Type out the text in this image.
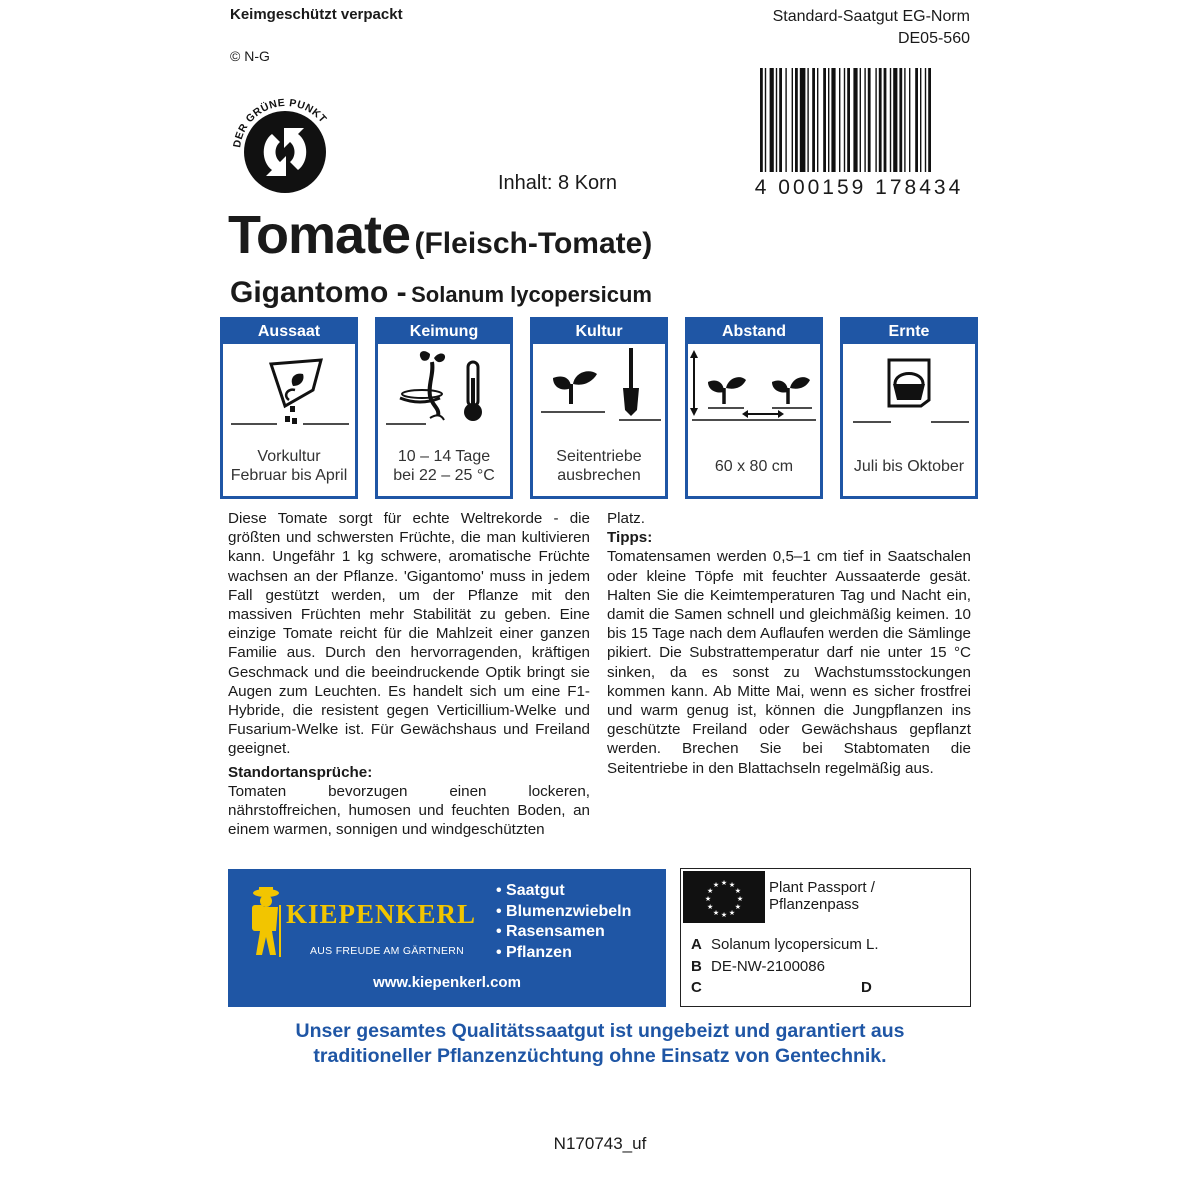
Keimgeschützt verpackt
© N-G
Standard-Saatgut EG-Norm
DE05-560
DER GRÜNE PUNKT
4 000159 178434
Inhalt: 8 Korn
Tomate (Fleisch-Tomate)
Gigantomo - Solanum lycopersicum
Aussaat
Vorkultur
Februar bis April
Keimung
10 – 14 Tage
bei 22 – 25 °C
Kultur
Seitentriebe
ausbrechen
Abstand
60 x 80 cm
Ernte
Juli bis Oktober

Diese Tomate sorgt für echte Weltrekorde - die größten und schwersten Früchte, die man kultivieren kann. Ungefähr 1 kg schwere, aromatische Früchte wachsen an der Pflanze. 'Gigantomo' muss in jedem Fall gestützt werden, um der Pflanze mit den massiven Früchten mehr Stabilität zu geben. Eine einzige Tomate reicht für die Mahlzeit einer ganzen Familie aus. Durch den hervorragenden, kräftigen Geschmack und die beeindruckende Optik bringt sie Augen zum Leuchten. Es handelt sich um eine F1-Hybride, die resistent gegen Verticillium-Welke und Fusarium-Welke ist. Für Gewächshaus und Freiland geeignet.

Standortansprüche:

Tomaten bevorzugen einen lockeren, nährstoffreichen, humosen und feuchten Boden, an einem warmen, sonnigen und windgeschützten

Platz.

Tipps:

Tomatensamen werden 0,5–1 cm tief in Saatschalen oder kleine Töpfe mit feuchter Aussaaterde gesät. Halten Sie die Keimtemperaturen Tag und Nacht ein, damit die Samen schnell und gleichmäßig keimen. 10 bis 15 Tage nach dem Auflaufen werden die Sämlinge pikiert. Die Substrattemperatur darf nie unter 15 °C sinken, da es sonst zu Wachstumsstockungen kommen kann. Ab Mitte Mai, wenn es sicher frostfrei und warm genug ist, können die Jungpflanzen ins geschützte Freiland oder Gewächshaus gepflanzt werden. Brechen Sie bei Stabtomaten die Seitentriebe in den Blattachseln regelmäßig aus.

KIEPENKERL
AUS FREUDE AM GÄRTNERN
• Saatgut
• Blumenzwiebeln
• Rasensamen
• Pflanzen
www.kiepenkerl.com
★ ★
★
★
★
★
★
★
★
★
★
★	Plant Passport /
Pflanzenpass
A Solanum lycopersicum L.
B DE-NW-2100086
C	D
Unser gesamtes Qualitätssaatgut ist ungebeizt und garantiert aus
traditioneller Pflanzenzüchtung ohne Einsatz von Gentechnik.
N170743_uf
